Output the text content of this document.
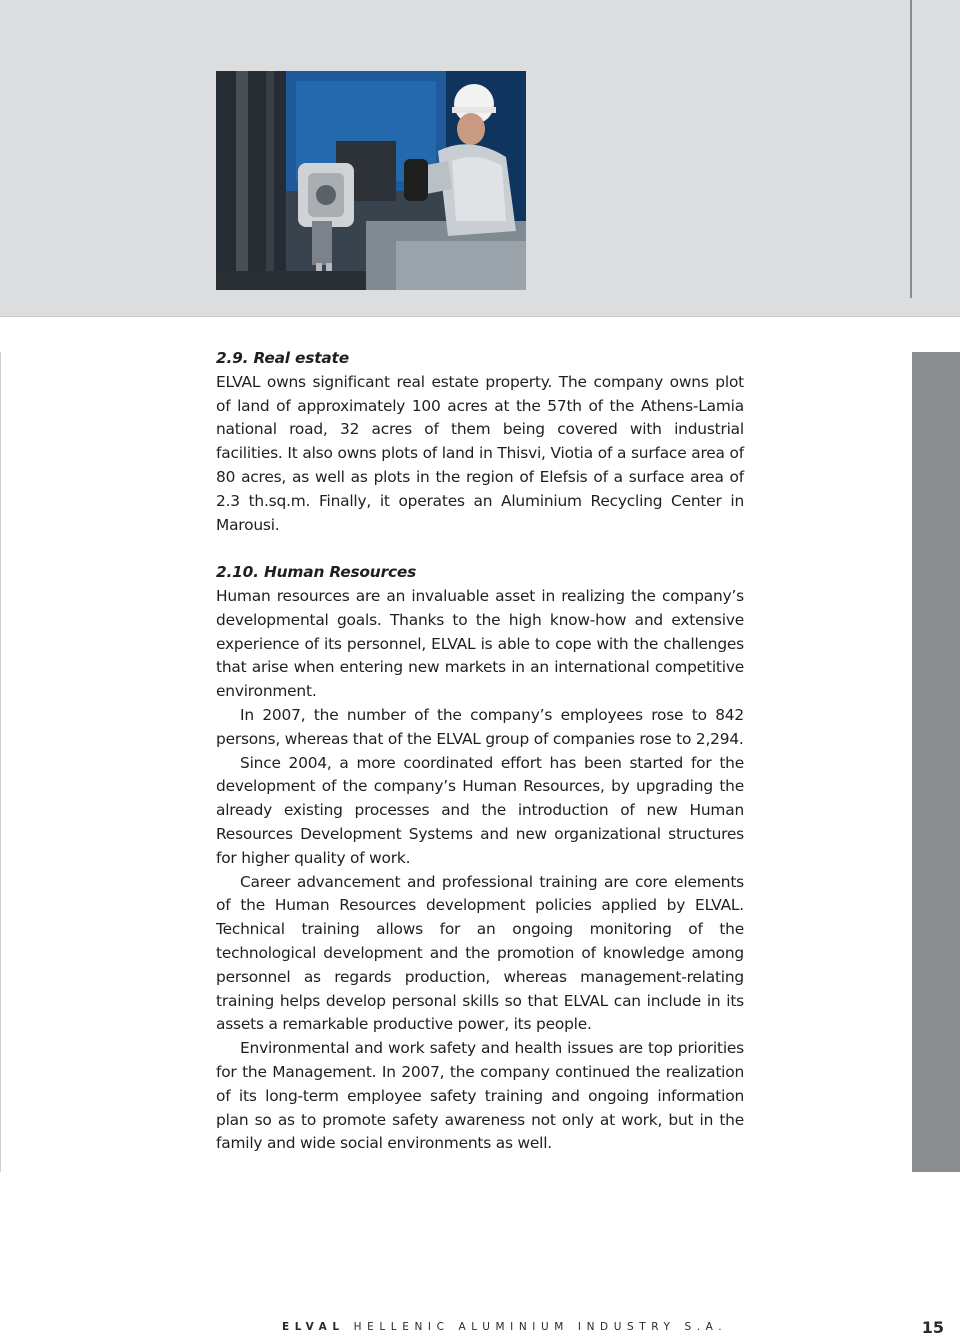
2.9. Real estate

ELVAL owns significant real estate property. The company owns plot of land of approximately 100 acres at the 57th of the Athens-Lamia national road, 32 acres of them being covered with industrial facilities. It also owns plots of land in Thisvi, Viotia of a surface area of 80 acres, as well as plots in the region of Elefsis of a surface area of 2.3 th.sq.m. Finally, it operates an Aluminium Recycling Center in Marousi.

2.10. Human Resources

Human resources are an invaluable asset in realizing the company’s developmental goals. Thanks to the high know-how and extensive experience of its personnel, ELVAL is able to cope with the challenges that arise when entering new markets in an international competitive environment.

In 2007, the number of the company’s employees rose to 842 persons, whereas that of the ELVAL group of companies rose to 2,294.

Since 2004, a more coordinated effort has been started for the development of the company’s Human Resources, by upgrading the already existing processes and the introduction of new Human Resources Development Systems and new organizational structures for higher quality of work.

Career advancement and professional training are core elements of the Human Resources development policies applied by ELVAL. Technical training allows for an ongoing monitoring of the technological development and the promotion of knowledge among personnel as regards production, whereas management-relating training helps develop personal skills so that ELVAL can include in its assets a remarkable productive power, its people.

Environmental and work safety and health issues are top priorities for the Management. In 2007, the company continued the realization of its long-term employee safety training and ongoing information plan so as to promote safety awareness not only at work, but in the family and wide social environments as well.

ELVAL HELLENIC ALUMINIUM INDUSTRY S.A.	15
